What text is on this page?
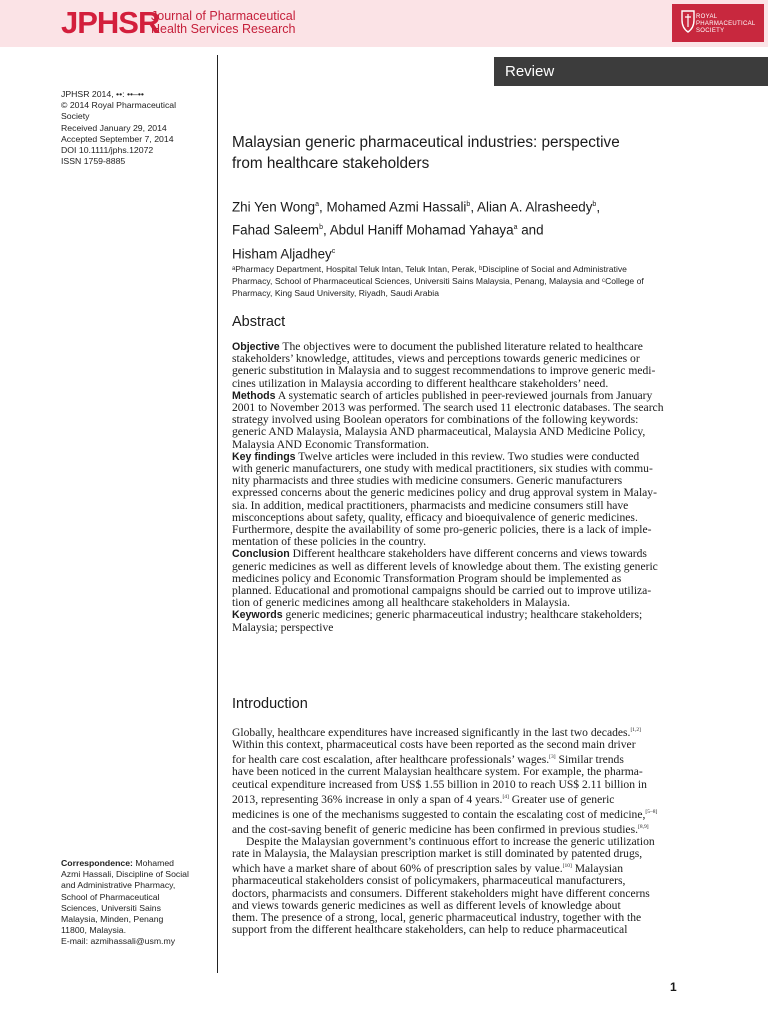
JPHSR
Journal of Pharmaceutical
Health Services Research
ROYAL
PHARMACEUTICAL
SOCIETY
Review
JPHSR 2014, ••: ••–••
© 2014 Royal Pharmaceutical Society
Received January 29, 2014
Accepted September 7, 2014
DOI 10.1111/jphs.12072
ISSN 1759-8885
Correspondence: Mohamed
Azmi Hassali, Discipline of Social
and Administrative Pharmacy,
School of Pharmaceutical
Sciences, Universiti Sains
Malaysia, Minden, Penang
11800, Malaysia.
E-mail: azmihassali@usm.my
Malaysian generic pharmaceutical industries: perspective
from healthcare stakeholders
Zhi Yen Wong$^a$, Mohamed Azmi Hassali$^b$, Alian A. Alrasheedy$^b$,
Fahad Saleem$^b$, Abdul Haniff Mohamad Yahaya$^a$ and
Hisham Aljadhey$^c$
ᵃPharmacy Department, Hospital Teluk Intan, Teluk Intan, Perak, ᵇDiscipline of Social and Administrative
Pharmacy, School of Pharmaceutical Sciences, Universiti Sains Malaysia, Penang, Malaysia and ᶜCollege of
Pharmacy, King Saud University, Riyadh, Saudi Arabia
Abstract
Objective The objectives were to document the published literature related to healthcare
stakeholders’ knowledge, attitudes, views and perceptions towards generic medicines or
generic substitution in Malaysia and to suggest recommendations to improve generic medi-
cines utilization in Malaysia according to different healthcare stakeholders’ need.
Methods A systematic search of articles published in peer-reviewed journals from January
2001 to November 2013 was performed. The search used 11 electronic databases. The search
strategy involved using Boolean operators for combinations of the following keywords:
generic AND Malaysia, Malaysia AND pharmaceutical, Malaysia AND Medicine Policy,
Malaysia AND Economic Transformation.
Key findings Twelve articles were included in this review. Two studies were conducted
with generic manufacturers, one study with medical practitioners, six studies with commu-
nity pharmacists and three studies with medicine consumers. Generic manufacturers
expressed concerns about the generic medicines policy and drug approval system in Malay-
sia. In addition, medical practitioners, pharmacists and medicine consumers still have
misconceptions about safety, quality, efficacy and bioequivalence of generic medicines.
Furthermore, despite the availability of some pro-generic policies, there is a lack of imple-
mentation of these policies in the country.
Conclusion Different healthcare stakeholders have different concerns and views towards
generic medicines as well as different levels of knowledge about them. The existing generic
medicines policy and Economic Transformation Program should be implemented as
planned. Educational and promotional campaigns should be carried out to improve utiliza-
tion of generic medicines among all healthcare stakeholders in Malaysia.
Keywords generic medicines; generic pharmaceutical industry; healthcare stakeholders;
Malaysia; perspective
Introduction
Globally, healthcare expenditures have increased significantly in the last two decades.[1,2]
Within this context, pharmaceutical costs have been reported as the second main driver
for health care cost escalation, after healthcare professionals’ wages.[3] Similar trends
have been noticed in the current Malaysian healthcare system. For example, the pharma-
ceutical expenditure increased from US$ 1.55 billion in 2010 to reach US$ 2.11 billion in
2013, representing 36% increase in only a span of 4 years.[4] Greater use of generic
medicines is one of the mechanisms suggested to contain the escalating cost of medicine,[5–8]
and the cost-saving benefit of generic medicine has been confirmed in previous studies.[8,9]
Despite the Malaysian government’s continuous effort to increase the generic utilization
rate in Malaysia, the Malaysian prescription market is still dominated by patented drugs,
which have a market share of about 60% of prescription sales by value.[10] Malaysian
pharmaceutical stakeholders consist of policymakers, pharmaceutical manufacturers,
doctors, pharmacists and consumers. Different stakeholders might have different concerns
and views towards generic medicines as well as different levels of knowledge about
them. The presence of a strong, local, generic pharmaceutical industry, together with the
support from the different healthcare stakeholders, can help to reduce pharmaceutical
1
